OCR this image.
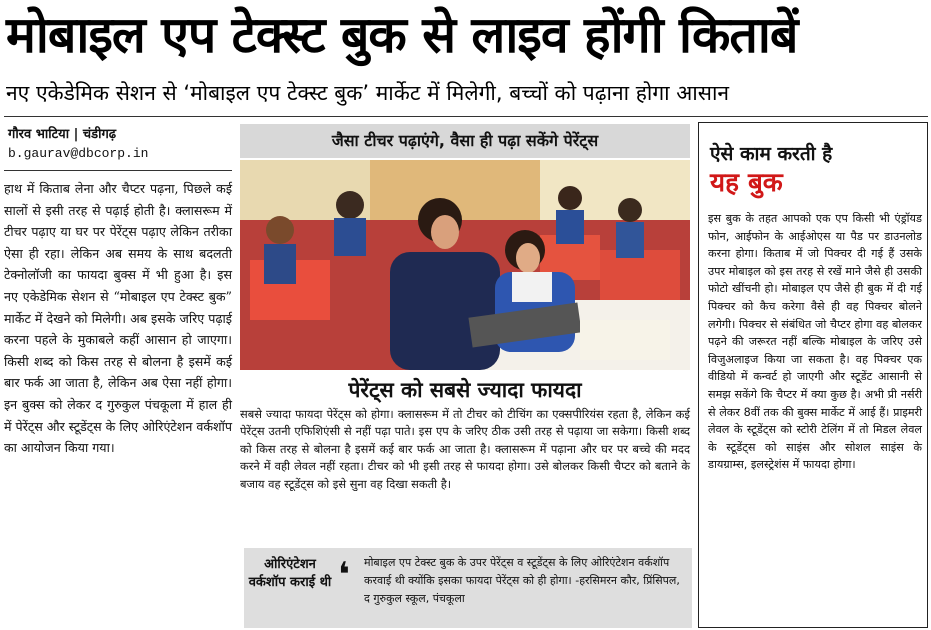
मोबाइल एप टेक्स्ट बुक से लाइव होंगी किताबें
नए एकेडेमिक सेशन से ‘मोबाइल एप टेक्स्ट बुक’ मार्केट में मिलेगी, बच्चों को पढ़ाना होगा आसान
गौरव भाटिया | चंडीगढ़
b.gaurav@dbcorp.in
हाथ में किताब लेना और चैप्टर पढ़ना, पिछले कई सालों से इसी तरह से पढ़ाई होती है। क्लासरूम में टीचर पढ़ाए या घर पर पेरेंट्स पढ़ाए लेकिन तरीका ऐसा ही रहा। लेकिन अब समय के साथ बदलती टेक्नोलॉजी का फायदा बुक्स में भी हुआ है। इस नए एकेडेमिक सेशन से “मोबाइल एप टेक्स्ट बुक” मार्केट में देखने को मिलेगी। अब इसके जरिए पढ़ाई करना पहले के मुकाबले कहीं आसान हो जाएगा। किसी शब्द को किस तरह से बोलना है इसमें कई बार फर्क आ जाता है, लेकिन अब ऐसा नहीं होगा। इन बुक्स को लेकर द गुरुकुल पंचकूला में हाल ही में पेरेंट्स और स्टूडेंट्स के लिए ओरिएंटेशन वर्कशॉप का आयोजन किया गया।
जैसा टीचर पढ़ाएंगे, वैसा ही पढ़ा सकेंगे पेरेंट्स
पेरेंट्स को सबसे ज्यादा फायदा
सबसे ज्यादा फायदा पेरेंट्स को होगा। क्लासरूम में तो टीचर को टीचिंग का एक्सपीरियंस रहता है, लेकिन कई पेरेंट्स उतनी एफिशिएंसी से नहीं पढ़ा पाते। इस एप के जरिए ठीक उसी तरह से पढ़ाया जा सकेगा। किसी शब्द को किस तरह से बोलना है इसमें कई बार फर्क आ जाता है। क्लासरूम में पढ़ाना और घर पर बच्चे की मदद करने में वही लेवल नहीं रहता। टीचर को भी इसी तरह से फायदा होगा। उसे बोलकर किसी चैप्टर को बताने के बजाय वह स्टूडेंट्स को इसे सुना वह दिखा सकती है।
ओरिएंटेशन वर्कशॉप कराई थी ❛ मोबाइल एप टेक्स्ट बुक के उपर पेरेंट्स व स्टूडेंट्स के लिए ओरिएंटेशन वर्कशॉप करवाई थी क्योंकि इसका फायदा पेरेंट्स को ही होगा। -हरसिमरन कौर, प्रिंसिपल, द गुरुकुल स्कूल, पंचकूला
ऐसे काम करती है
यह बुक
इस बुक के तहत आपको एक एप किसी भी एंड्रॉयड फोन, आईफोन के आईओएस या पैड पर डाउनलोड करना होगा। किताब में जो पिक्चर दी गई हैं उसके उपर मोबाइल को इस तरह से रखें माने जैसे ही उसकी फोटो खींचनी हो। मोबाइल एप जैसे ही बुक में दी गई पिक्चर को कैच करेगा वैसे ही वह पिक्चर बोलने लगेगी। पिक्चर से संबंधित जो चैप्टर होगा वह बोलकर पढ़ने की जरूरत नहीं बल्कि मोबाइल के जरिए उसे विजुअलाइज किया जा सकता है। वह पिक्चर एक वीडियो में कन्वर्ट हो जाएगी और स्टूडेंट आसानी से समझ सकेंगे कि चैप्टर में क्या कुछ है। अभी प्री नर्सरी से लेकर 8वीं तक की बुक्स मार्केट में आई हैं। प्राइमरी लेवल के स्टूडेंट्स को स्टोरी टेलिंग में तो मिडल लेवल के स्टूडेंट्स को साइंस और सोशल साइंस के डायग्राम्स, इलस्ट्रेशंस में फायदा होगा।
